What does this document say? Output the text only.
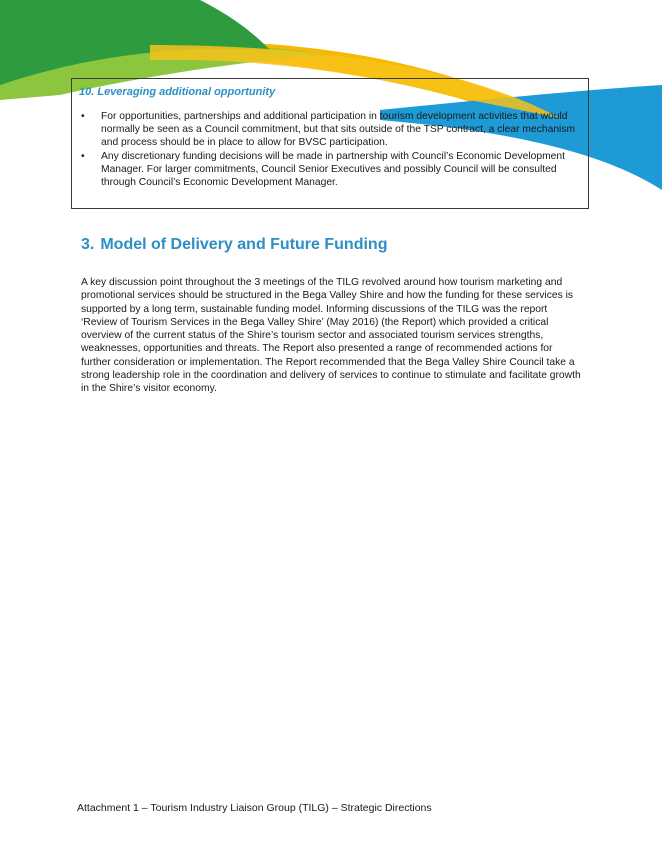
10. Leveraging additional opportunity
• For opportunities, partnerships and additional participation in tourism development activities that would normally be seen as a Council commitment, but that sits outside of the TSP contract, a clear mechanism and process should be in place to allow for BVSC participation.
• Any discretionary funding decisions will be made in partnership with Council’s Economic Development Manager. For larger commitments, Council Senior Executives and possibly Council will be consulted through Council’s Economic Development Manager.
3. Model of Delivery and Future Funding

A key discussion point throughout the 3 meetings of the TILG revolved around how tourism marketing and promotional services should be structured in the Bega Valley Shire and how the funding for these services is supported by a long term, sustainable funding model. Informing discussions of the TILG was the report ‘Review of Tourism Services in the Bega Valley Shire’ (May 2016) (the Report) which provided a critical overview of the current status of the Shire’s tourism sector and associated tourism services strengths, weaknesses, opportunities and threats. The Report also presented a range of recommended actions for further consideration or implementation. The Report recommended that the Bega Valley Shire Council take a strong leadership role in the coordination and delivery of services to continue to stimulate and facilitate growth in the Shire’s visitor economy.

Attachment 1 – Tourism Industry Liaison Group (TILG) – Strategic Directions
